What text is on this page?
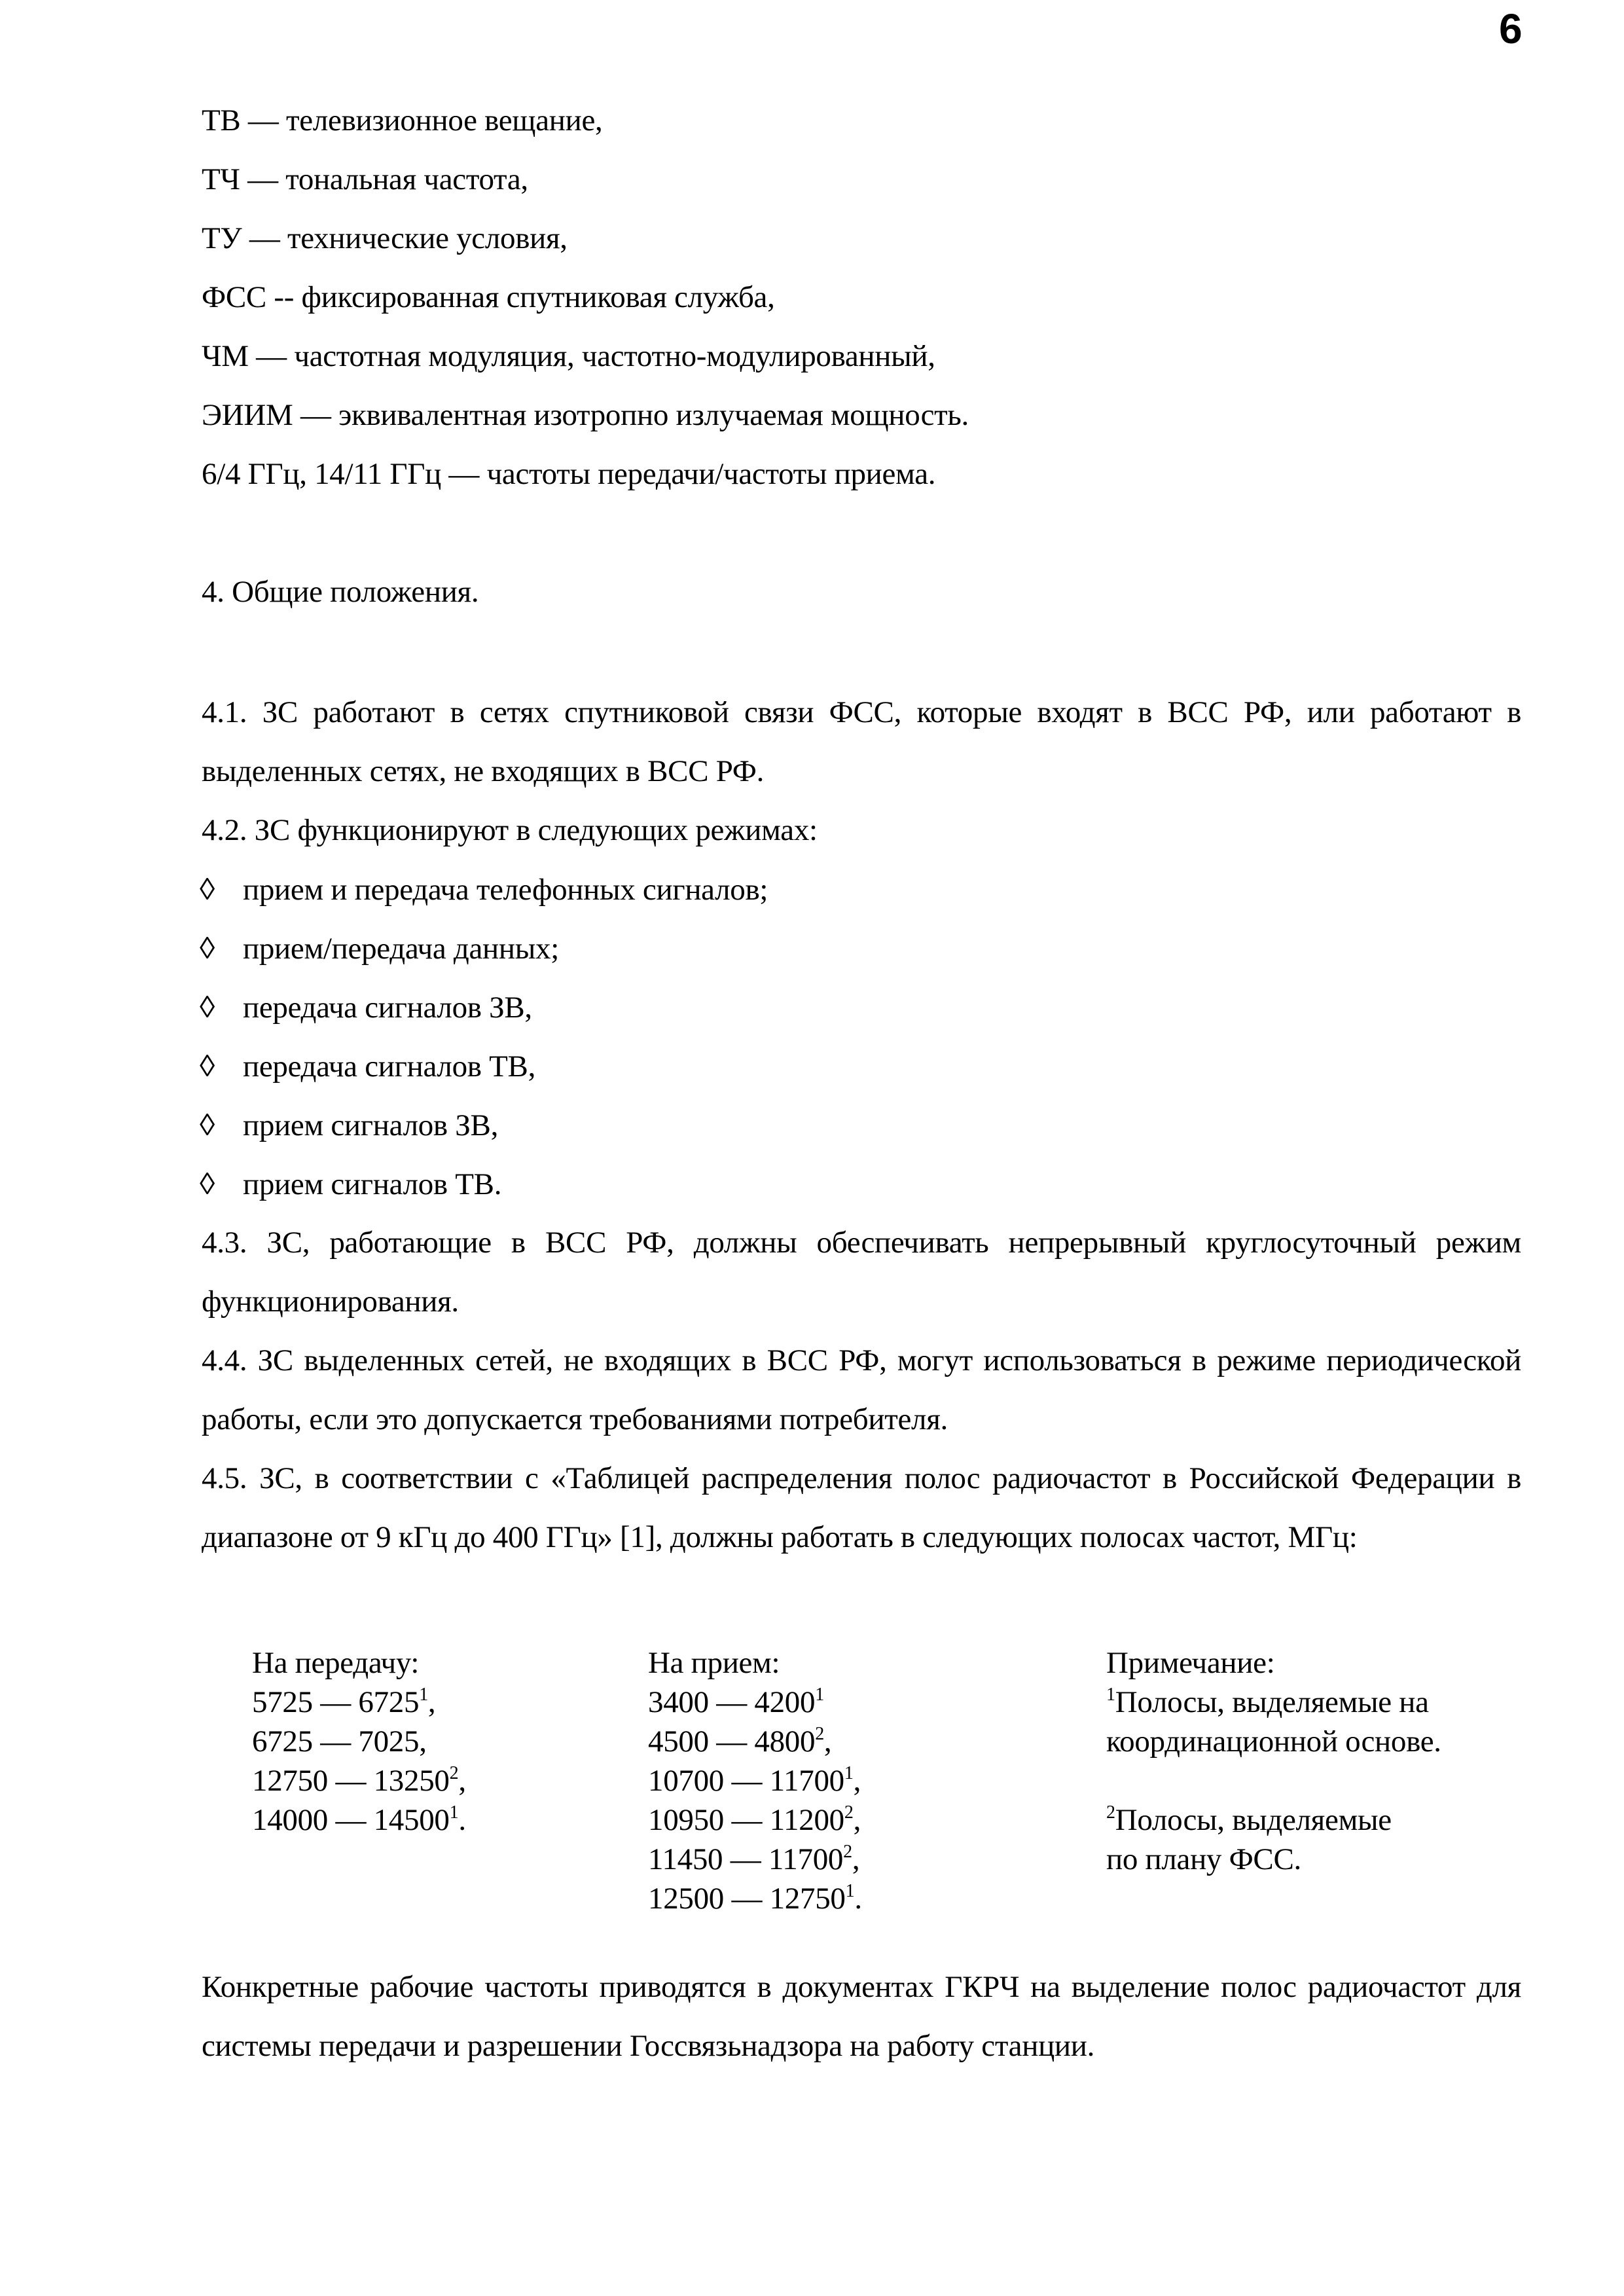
6
ТВ — телевизионное вещание,
ТЧ — тональная частота,
ТУ — технические условия,
ФСС -- фиксированная спутниковая служба,
ЧМ — частотная модуляция, частотно-модулированный,
ЭИИМ — эквивалентная изотропно излучаемая мощность.
6/4 ГГц, 14/11 ГГц — частоты передачи/частоты приема.
4. Общие положения.
4.1. ЗС работают в сетях спутниковой связи ФСС, которые входят в ВСС РФ, или работают в выделенных сетях, не входящих в ВСС РФ.
4.2. ЗС функционируют в следующих режимах:
◊ прием и передача телефонных сигналов;
◊ прием/передача данных;
◊ передача сигналов ЗВ,
◊ передача сигналов ТВ,
◊ прием сигналов ЗВ,
◊ прием сигналов ТВ.
4.3. ЗС, работающие в ВСС РФ, должны обеспечивать непрерывный круглосуточный режим функционирования.
4.4. ЗС выделенных сетей, не входящих в ВСС РФ, могут использоваться в режиме периодической работы, если это допускается требованиями потребителя.
4.5. ЗС, в соответствии с «Таблицей распределения полос радиочастот в Российской Федерации в диапазоне от 9 кГц до 400 ГГц» [1], должны работать в следующих полосах частот, МГц:
На передачу:
5725 — 6725$^1$,
6725 — 7025,
12750 — 13250$^2$,
14000 — 14500$^1$.
На прием:
3400 — 4200$^1$
4500 — 4800$^2$,
10700 — 11700$^1$,
10950 — 11200$^2$,
11450 — 11700$^2$,
12500 — 12750$^1$.
Примечание:
$^1$Полосы, выделяемые на
координационной основе.
$^2$Полосы, выделяемые
по плану ФСС.
Конкретные рабочие частоты приводятся в документах ГКРЧ на выделение полос радиочастот для системы передачи и разрешении Госсвязьнадзора на работу станции.
